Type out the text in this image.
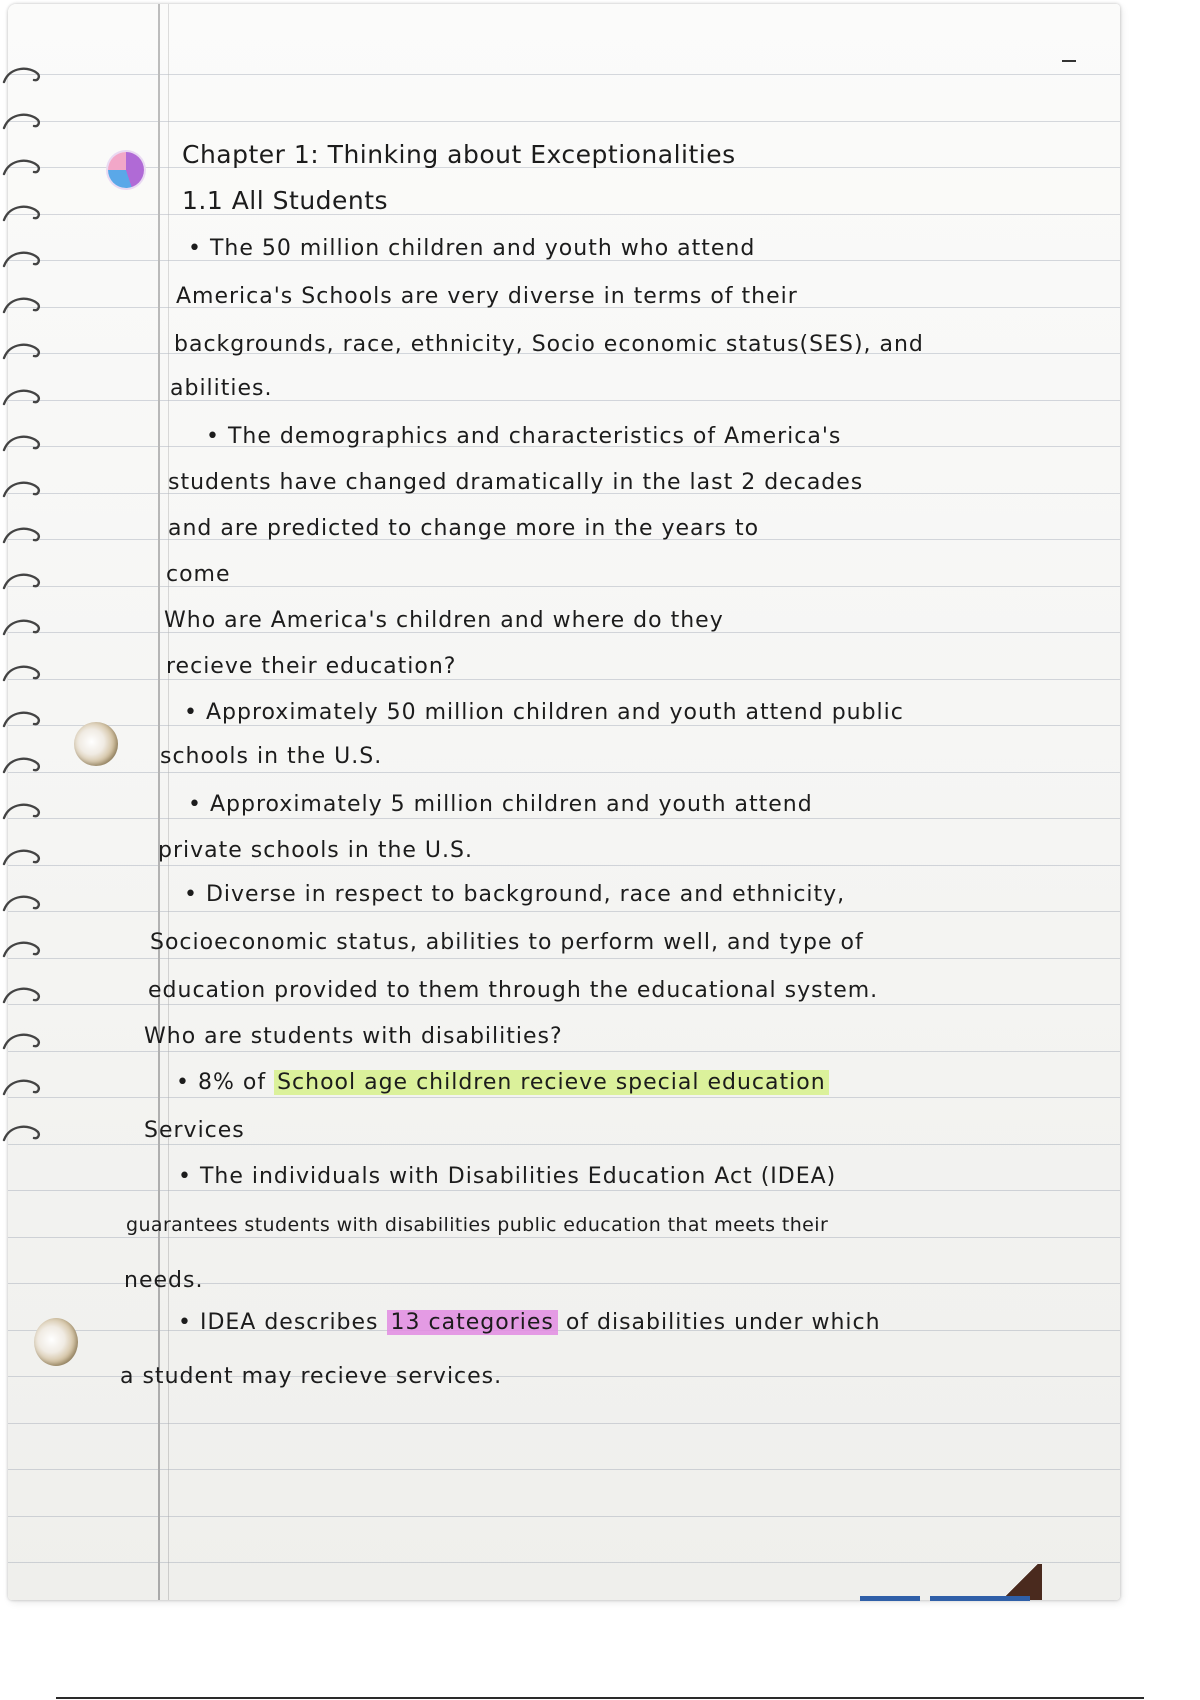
Chapter 1: Thinking about Exceptionalities
1.1 All Students
• The 50 million children and youth who attend
America's Schools are very diverse in terms of their
backgrounds, race, ethnicity, Socio economic status(SES), and
abilities.
• The demographics and characteristics of America's
students have changed dramatically in the last 2 decades
and are predicted to change more in the years to
come
Who are America's children and where do they
recieve their education?
• Approximately 50 million children and youth attend public
schools in the U.S.
• Approximately 5 million children and youth attend
private schools in the U.S.
• Diverse in respect to background, race and ethnicity,
Socioeconomic status, abilities to perform well, and type of
education provided to them through the educational system.
Who are students with disabilities?
• 8% of School age children recieve special education
Services
• The individuals with Disabilities Education Act (IDEA)
guarantees students with disabilities public education that meets their
needs.
• IDEA describes 13 categories of disabilities under which
a student may recieve services.
